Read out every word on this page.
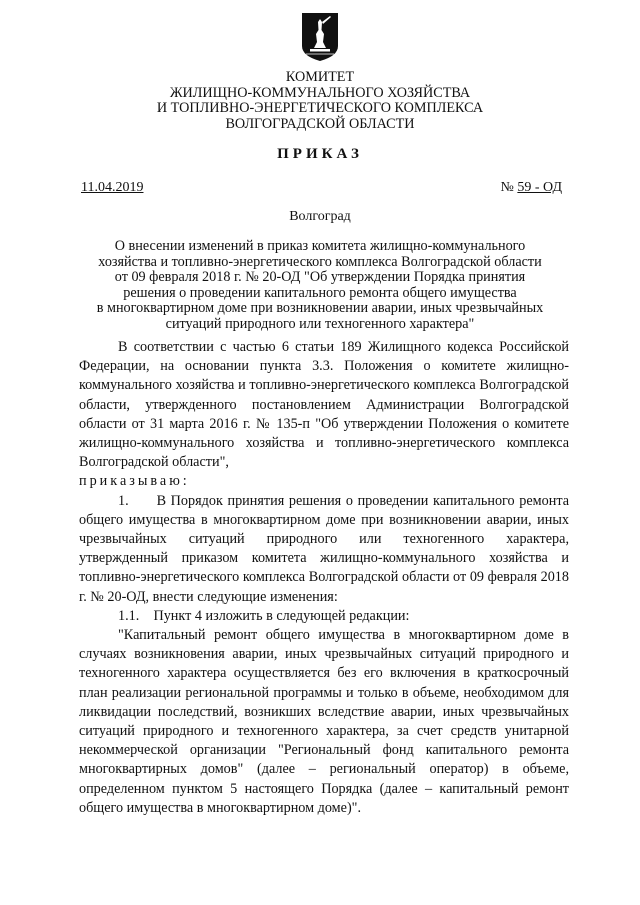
КОМИТЕТ
ЖИЛИЩНО-КОММУНАЛЬНОГО ХОЗЯЙСТВА
И ТОПЛИВНО-ЭНЕРГЕТИЧЕСКОГО КОМПЛЕКСА
ВОЛГОГРАДСКОЙ ОБЛАСТИ
ПРИКАЗ
11.04.2019	№ 59 - ОД
Волгоград
О внесении изменений в приказ комитета жилищно-коммунального
хозяйства и топливно-энергетического комплекса Волгоградской области
от 09 февраля 2018 г. № 20-ОД "Об утверждении Порядка принятия
решения о проведении капитального ремонта общего имущества
в многоквартирном доме при возникновении аварии, иных чрезвычайных
ситуаций природного или техногенного характера"

В соответствии с частью 6 статьи 189 Жилищного кодекса Российской Федерации, на основании пункта 3.3. Положения о комитете жилищно-коммунального хозяйства и топливно-энергетического комплекса Волгоградской области, утвержденного постановлением Администрации Волгоградской области от 31 марта 2016 г. № 135-п "Об утверждении Положения о комитете жилищно-коммунального хозяйства и топливно-энергетического комплекса Волгоградской области",

приказываю:

1.      В Порядок принятия решения о проведении капитального ремонта общего имущества в многоквартирном доме при возникновении аварии, иных чрезвычайных ситуаций природного или техногенного характера, утвержденный приказом комитета жилищно-коммунального хозяйства и топливно-энергетического комплекса Волгоградской области от 09 февраля 2018 г. № 20-ОД, внести следующие изменения:

1.1.    Пункт 4 изложить в следующей редакции:

"Капитальный ремонт общего имущества в многоквартирном доме в случаях возникновения аварии, иных чрезвычайных ситуаций природного и техногенного характера осуществляется без его включения в краткосрочный план реализации региональной программы и только в объеме, необходимом для ликвидации последствий, возникших вследствие аварии, иных чрезвычайных ситуаций природного и техногенного характера, за счет средств унитарной некоммерческой организации "Региональный фонд капитального ремонта многоквартирных домов" (далее – региональный оператор) в объеме, определенном пунктом 5 настоящего Порядка (далее – капитальный ремонт общего имущества в многоквартирном доме)".
